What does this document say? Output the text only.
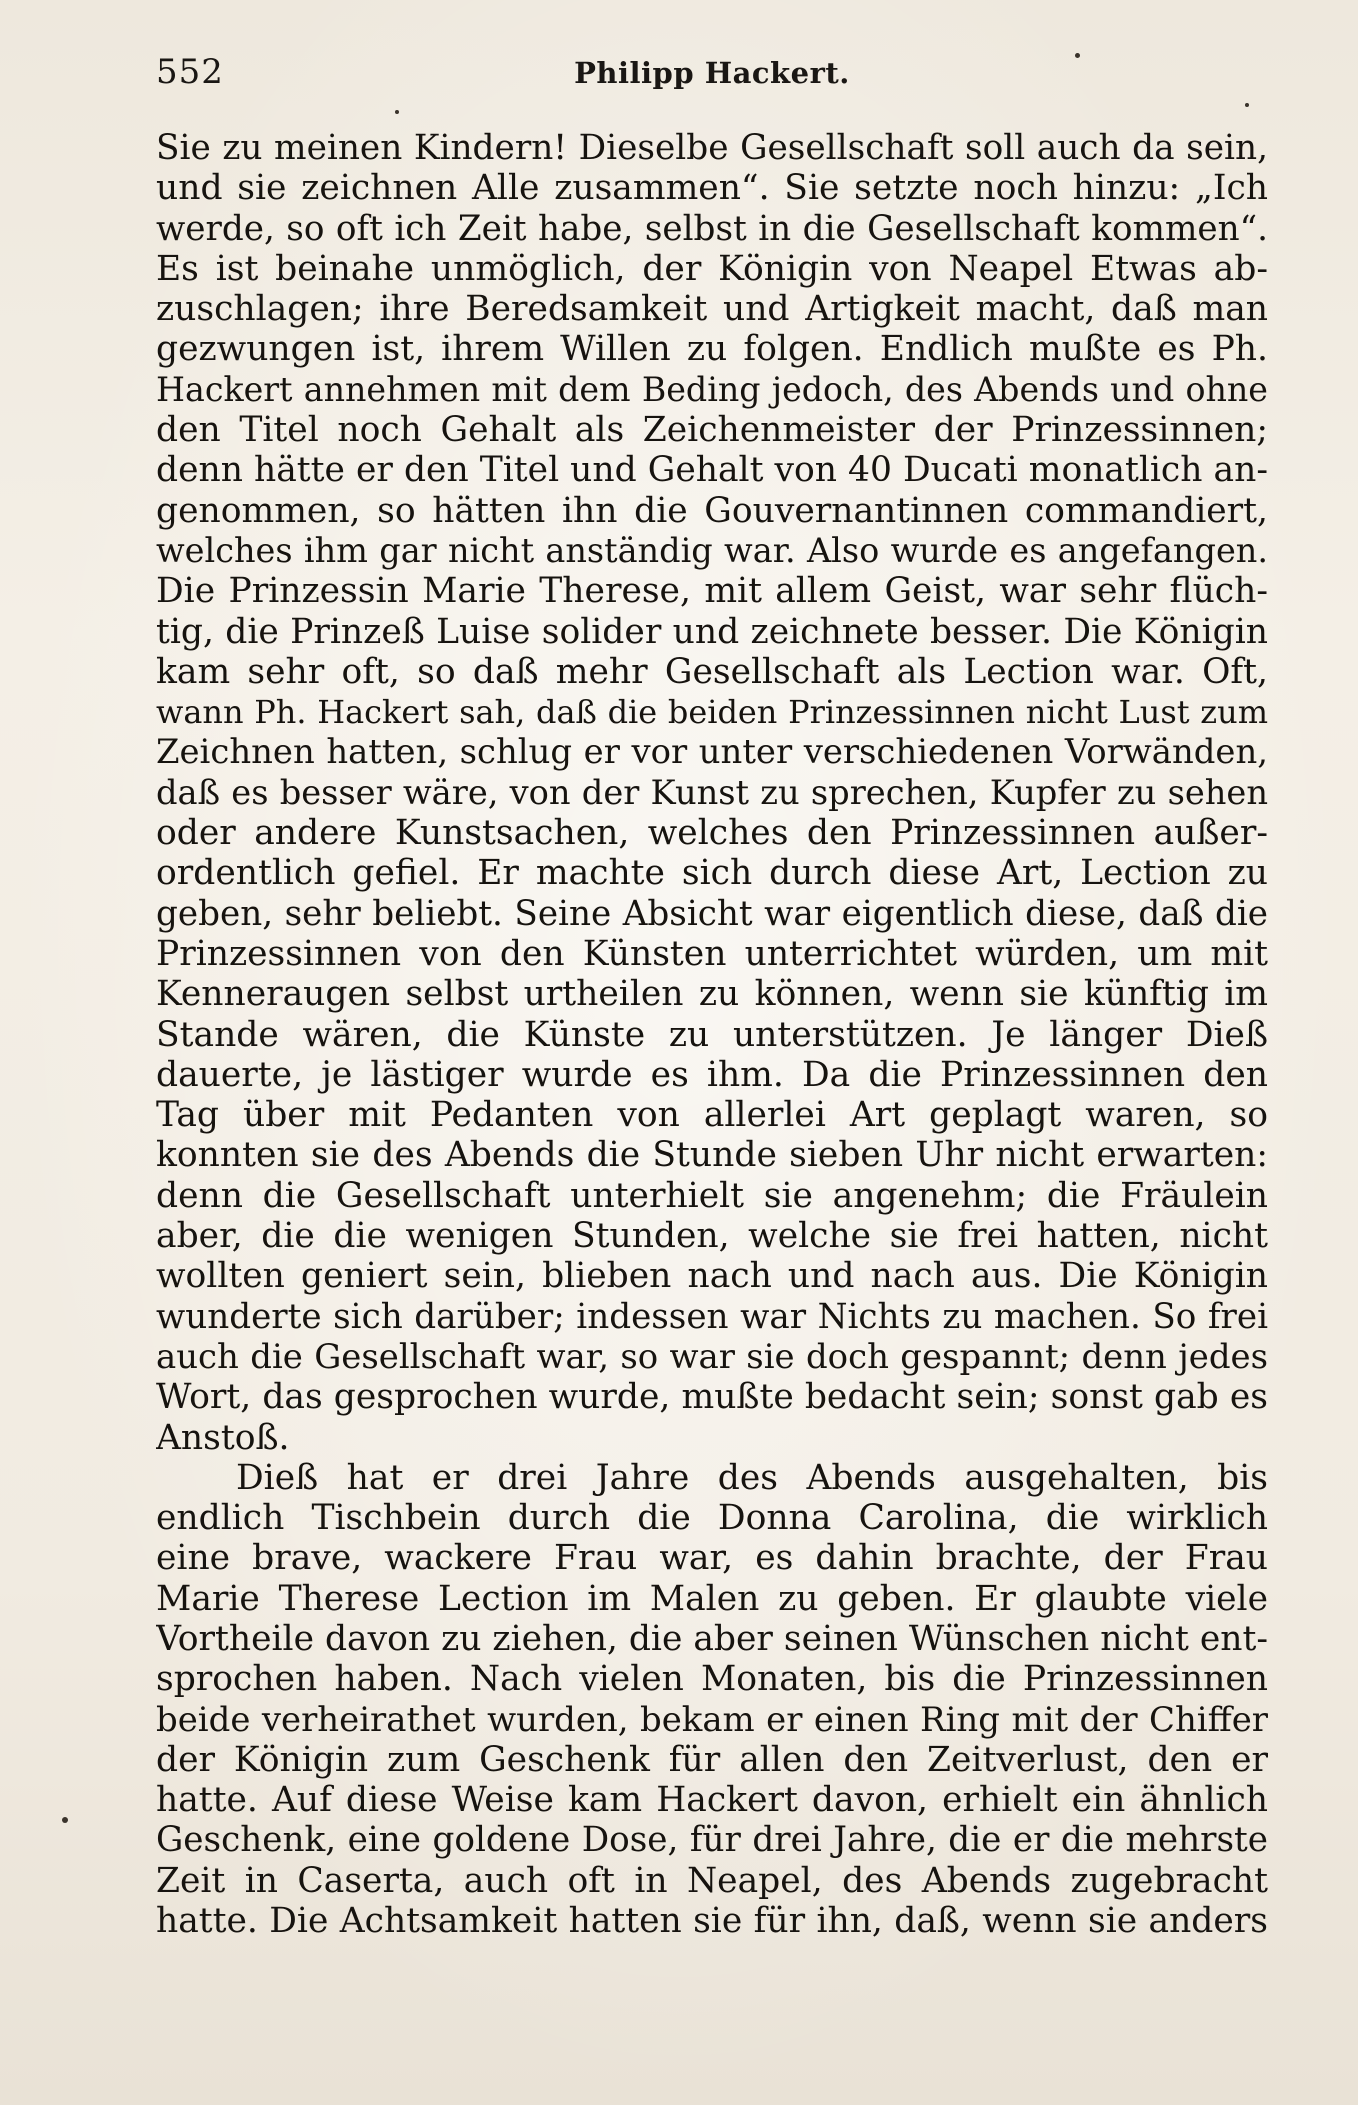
552	Philipp Hackert.
Sie zu meinen Kindern! Dieselbe Gesellschaft soll auch da sein,
und sie zeichnen Alle zusammen“. Sie setzte noch hinzu: „Ich
werde, so oft ich Zeit habe, selbst in die Gesellschaft kommen“.
Es ist beinahe unmöglich, der Königin von Neapel Etwas ab-
zuschlagen; ihre Beredsamkeit und Artigkeit macht, daß man
gezwungen ist, ihrem Willen zu folgen. Endlich mußte es Ph.
Hackert annehmen mit dem Beding jedoch, des Abends und ohne
den Titel noch Gehalt als Zeichenmeister der Prinzessinnen;
denn hätte er den Titel und Gehalt von 40 Ducati monatlich an-
genommen, so hätten ihn die Gouvernantinnen commandiert,
welches ihm gar nicht anständig war. Also wurde es angefangen.
Die Prinzessin Marie Therese, mit allem Geist, war sehr flüch-
tig, die Prinzeß Luise solider und zeichnete besser. Die Königin
kam sehr oft, so daß mehr Gesellschaft als Lection war. Oft,
wann Ph. Hackert sah, daß die beiden Prinzessinnen nicht Lust zum
Zeichnen hatten, schlug er vor unter verschiedenen Vorwänden,
daß es besser wäre, von der Kunst zu sprechen, Kupfer zu sehen
oder andere Kunstsachen, welches den Prinzessinnen außer-
ordentlich gefiel. Er machte sich durch diese Art, Lection zu
geben, sehr beliebt. Seine Absicht war eigentlich diese, daß die
Prinzessinnen von den Künsten unterrichtet würden, um mit
Kenneraugen selbst urtheilen zu können, wenn sie künftig im
Stande wären, die Künste zu unterstützen. Je länger Dieß
dauerte, je lästiger wurde es ihm. Da die Prinzessinnen den
Tag über mit Pedanten von allerlei Art geplagt waren, so
konnten sie des Abends die Stunde sieben Uhr nicht erwarten:
denn die Gesellschaft unterhielt sie angenehm; die Fräulein
aber, die die wenigen Stunden, welche sie frei hatten, nicht
wollten geniert sein, blieben nach und nach aus. Die Königin
wunderte sich darüber; indessen war Nichts zu machen. So frei
auch die Gesellschaft war, so war sie doch gespannt; denn jedes
Wort, das gesprochen wurde, mußte bedacht sein; sonst gab es
Anstoß.
Dieß hat er drei Jahre des Abends ausgehalten, bis
endlich Tischbein durch die Donna Carolina, die wirklich
eine brave, wackere Frau war, es dahin brachte, der Frau
Marie Therese Lection im Malen zu geben. Er glaubte viele
Vortheile davon zu ziehen, die aber seinen Wünschen nicht ent-
sprochen haben. Nach vielen Monaten, bis die Prinzessinnen
beide verheirathet wurden, bekam er einen Ring mit der Chiffer
der Königin zum Geschenk für allen den Zeitverlust, den er
hatte. Auf diese Weise kam Hackert davon, erhielt ein ähnlich
Geschenk, eine goldene Dose, für drei Jahre, die er die mehrste
Zeit in Caserta, auch oft in Neapel, des Abends zugebracht
hatte. Die Achtsamkeit hatten sie für ihn, daß, wenn sie anders
